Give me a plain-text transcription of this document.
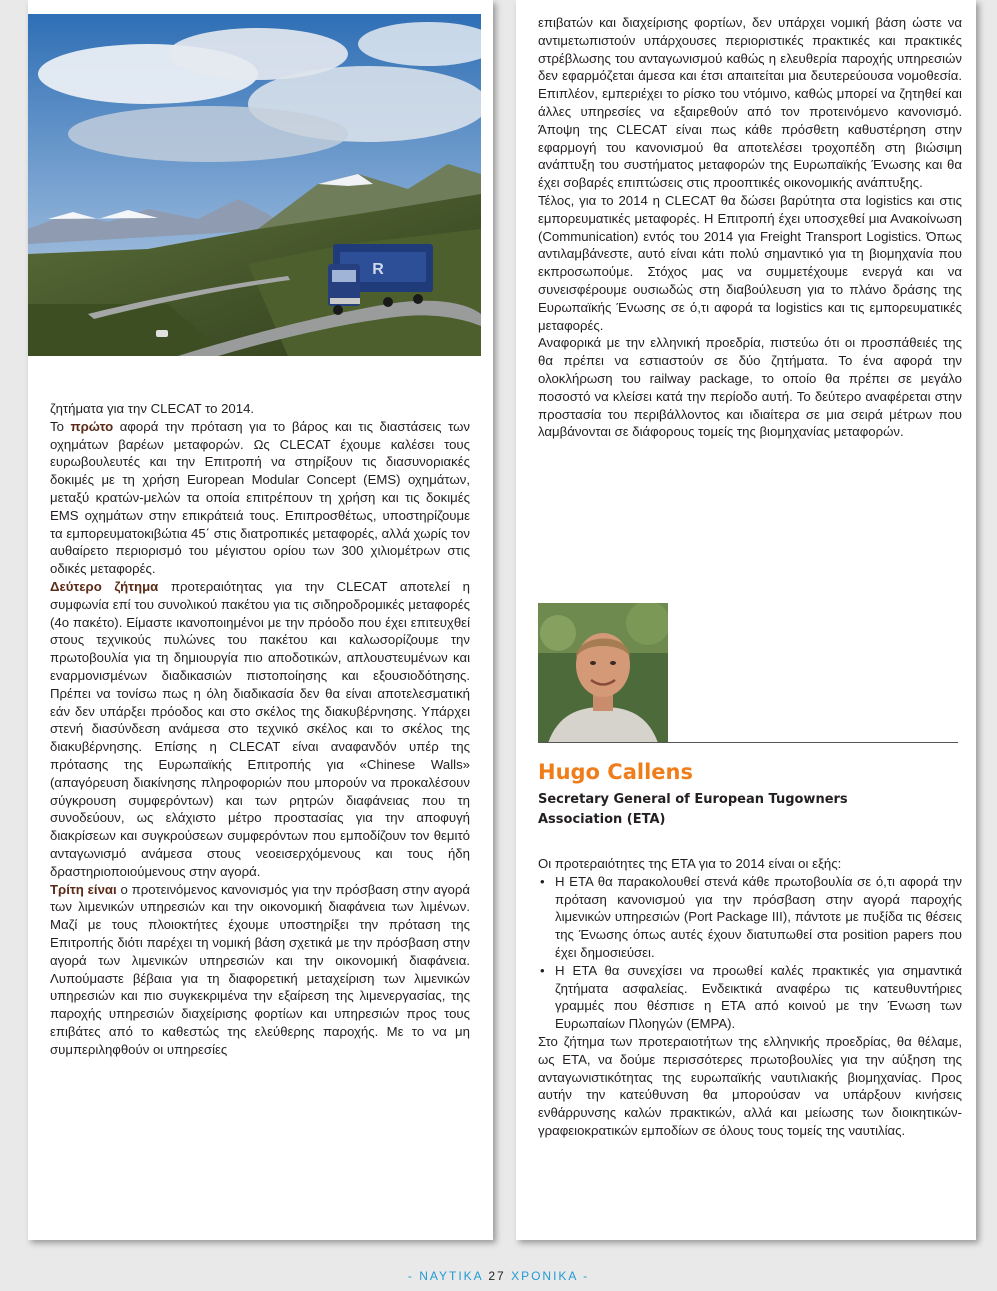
R

ζητήματα για την CLECAT το 2014.

Το πρώτο αφορά την πρόταση για το βάρος και τις διαστάσεις των οχημάτων βαρέων μεταφορών. Ως CLECAT έχουμε καλέσει τους ευρωβουλευτές και την Επιτροπή να στηρίξουν τις διασυνοριακές δοκιμές με τη χρήση European Modular Concept (EMS) οχημάτων, μεταξύ κρατών-μελών τα οποία επιτρέπουν τη χρήση και τις δοκιμές EMS οχημάτων στην επικράτειά τους. Επιπροσθέτως, υποστηρίζουμε τα εμπορευματοκιβώτια 45΄ στις διατροπικές μεταφορές, αλλά χωρίς τον αυθαίρετο περιορισμό του μέγιστου ορίου των 300 χιλιομέτρων στις οδικές μεταφορές.

Δεύτερο ζήτημα προτεραιότητας για την CLECAT αποτελεί η συμφωνία επί του συνολικού πακέτου για τις σιδηροδρομικές μεταφορές (4ο πακέτο). Είμαστε ικανοποιημένοι με την πρόοδο που έχει επιτευχθεί στους τεχνικούς πυλώνες του πακέτου και καλωσορίζουμε την πρωτοβουλία για τη δημιουργία πιο αποδοτικών, απλουστευμένων και εναρμονισμένων διαδικασιών πιστοποίησης και εξουσιοδότησης. Πρέπει να τονίσω πως η όλη διαδικασία δεν θα είναι αποτελεσματική εάν δεν υπάρξει πρόοδος και στο σκέλος της διακυβέρνησης. Υπάρχει στενή διασύνδεση ανάμεσα στο τεχνικό σκέλος και το σκέλος της διακυβέρνησης. Επίσης η CLECAT είναι αναφανδόν υπέρ της πρότασης της Ευρωπαϊκής Επιτροπής για «Chinese Walls» (απαγόρευση διακίνησης πληροφοριών που μπορούν να προκαλέσουν σύγκρουση συμφερόντων) και των ρητρών διαφάνειας που τη συνοδεύουν, ως ελάχιστο μέτρο προστασίας για την αποφυγή διακρίσεων και συγκρούσεων συμφερόντων που εμποδίζουν τον θεμιτό ανταγωνισμό ανάμεσα στους νεοεισερχόμενους και τους ήδη δραστηριοποιούμενους στην αγορά.

Τρίτη είναι ο προτεινόμενος κανονισμός για την πρόσβαση στην αγορά των λιμενικών υπηρεσιών και την οικονομική διαφάνεια των λιμένων. Μαζί με τους πλοιοκτήτες έχουμε υποστηρίξει την πρόταση της Επιτροπής διότι παρέχει τη νομική βάση σχετικά με την πρόσβαση στην αγορά των λιμενικών υπηρεσιών και την οικονομική διαφάνεια. Λυπούμαστε βέβαια για τη διαφορετική μεταχείριση των λιμενικών υπηρεσιών και πιο συγκεκριμένα την εξαίρεση της λιμενεργασίας, της παροχής υπηρεσιών διαχείρισης φορτίων και υπηρεσιών προς τους επιβάτες από το καθεστώς της ελεύθερης παροχής. Με το να μη συμπεριληφθούν οι υπηρεσίες

επιβατών και διαχείρισης φορτίων, δεν υπάρχει νομική βάση ώστε να αντιμετωπιστούν υπάρχουσες περιοριστικές πρακτικές και πρακτικές στρέβλωσης του ανταγωνισμού καθώς η ελευθερία παροχής υπηρεσιών δεν εφαρμόζεται άμεσα και έτσι απαιτείται μια δευτερεύουσα νομοθεσία. Επιπλέον, εμπεριέχει το ρίσκο του ντόμινο, καθώς μπορεί να ζητηθεί και άλλες υπηρεσίες να εξαιρεθούν από τον προτεινόμενο κανονισμό. Άποψη της CLECAT είναι πως κάθε πρόσθετη καθυστέρηση στην εφαρμογή του κανονισμού θα αποτελέσει τροχοπέδη στη βιώσιμη ανάπτυξη του συστήματος μεταφορών της Ευρωπαϊκής Ένωσης και θα έχει σοβαρές επιπτώσεις στις προοπτικές οικονομικής ανάπτυξης.

Τέλος, για το 2014 η CLECAT θα δώσει βαρύτητα στα logistics και στις εμπορευματικές μεταφορές. Η Επιτροπή έχει υποσχεθεί μια Ανακοίνωση (Communication) εντός του 2014 για Freight Transport Logistics. Όπως αντιλαμβάνεστε, αυτό είναι κάτι πολύ σημαντικό για τη βιομηχανία που εκπροσωπούμε. Στόχος μας να συμμετέχουμε ενεργά και να συνεισφέρουμε ουσιωδώς στη διαβούλευση για το πλάνο δράσης της Ευρωπαϊκής Ένωσης σε ό,τι αφορά τα logistics και τις εμπορευματικές μεταφορές.

Αναφορικά με την ελληνική προεδρία, πιστεύω ότι οι προσπάθειές της θα πρέπει να εστιαστούν σε δύο ζητήματα. Το ένα αφορά την ολοκλήρωση του railway package, το οποίο θα πρέπει σε μεγάλο ποσοστό να κλείσει κατά την περίοδο αυτή. Το δεύτερο αναφέρεται στην προστασία του περιβάλλοντος και ιδιαίτερα σε μια σειρά μέτρων που λαμβάνονται σε διάφορους τομείς της βιομηχανίας μεταφορών.

Hugo Callens
Secretary General of European Tugowners Association (ETA)

Οι προτεραιότητες της ETA για το 2014 είναι οι εξής:

• Η ETA θα παρακολουθεί στενά κάθε πρωτοβουλία σε ό,τι αφορά την πρόταση κανονισμού για την πρόσβαση στην αγορά παροχής λιμενικών υπηρεσιών (Port Package III), πάντοτε με πυξίδα τις θέσεις της Ένωσης όπως αυτές έχουν διατυπωθεί στα position papers που έχει δημοσιεύσει.
• Η ETA θα συνεχίσει να προωθεί καλές πρακτικές για σημαντικά ζητήματα ασφαλείας. Ενδεικτικά αναφέρω τις κατευθυντήριες γραμμές που θέσπισε η ETA από κοινού με την Ένωση των Ευρωπαίων Πλοηγών (EMPA).

Στο ζήτημα των προτεραιοτήτων της ελληνικής προεδρίας, θα θέλαμε, ως ETA, να δούμε περισσότερες πρωτοβουλίες για την αύξηση της ανταγωνιστικότητας της ευρωπαϊκής ναυτιλιακής βιομηχανίας. Προς αυτήν την κατεύθυνση θα μπορούσαν να υπάρξουν κινήσεις ενθάρρυνσης καλών πρακτικών, αλλά και μείωσης των διοικητικών-γραφειοκρατικών εμποδίων σε όλους τους τομείς της ναυτιλίας.

- ΝΑΥΤΙΚΑ 27 ΧΡΟΝΙΚΑ -
